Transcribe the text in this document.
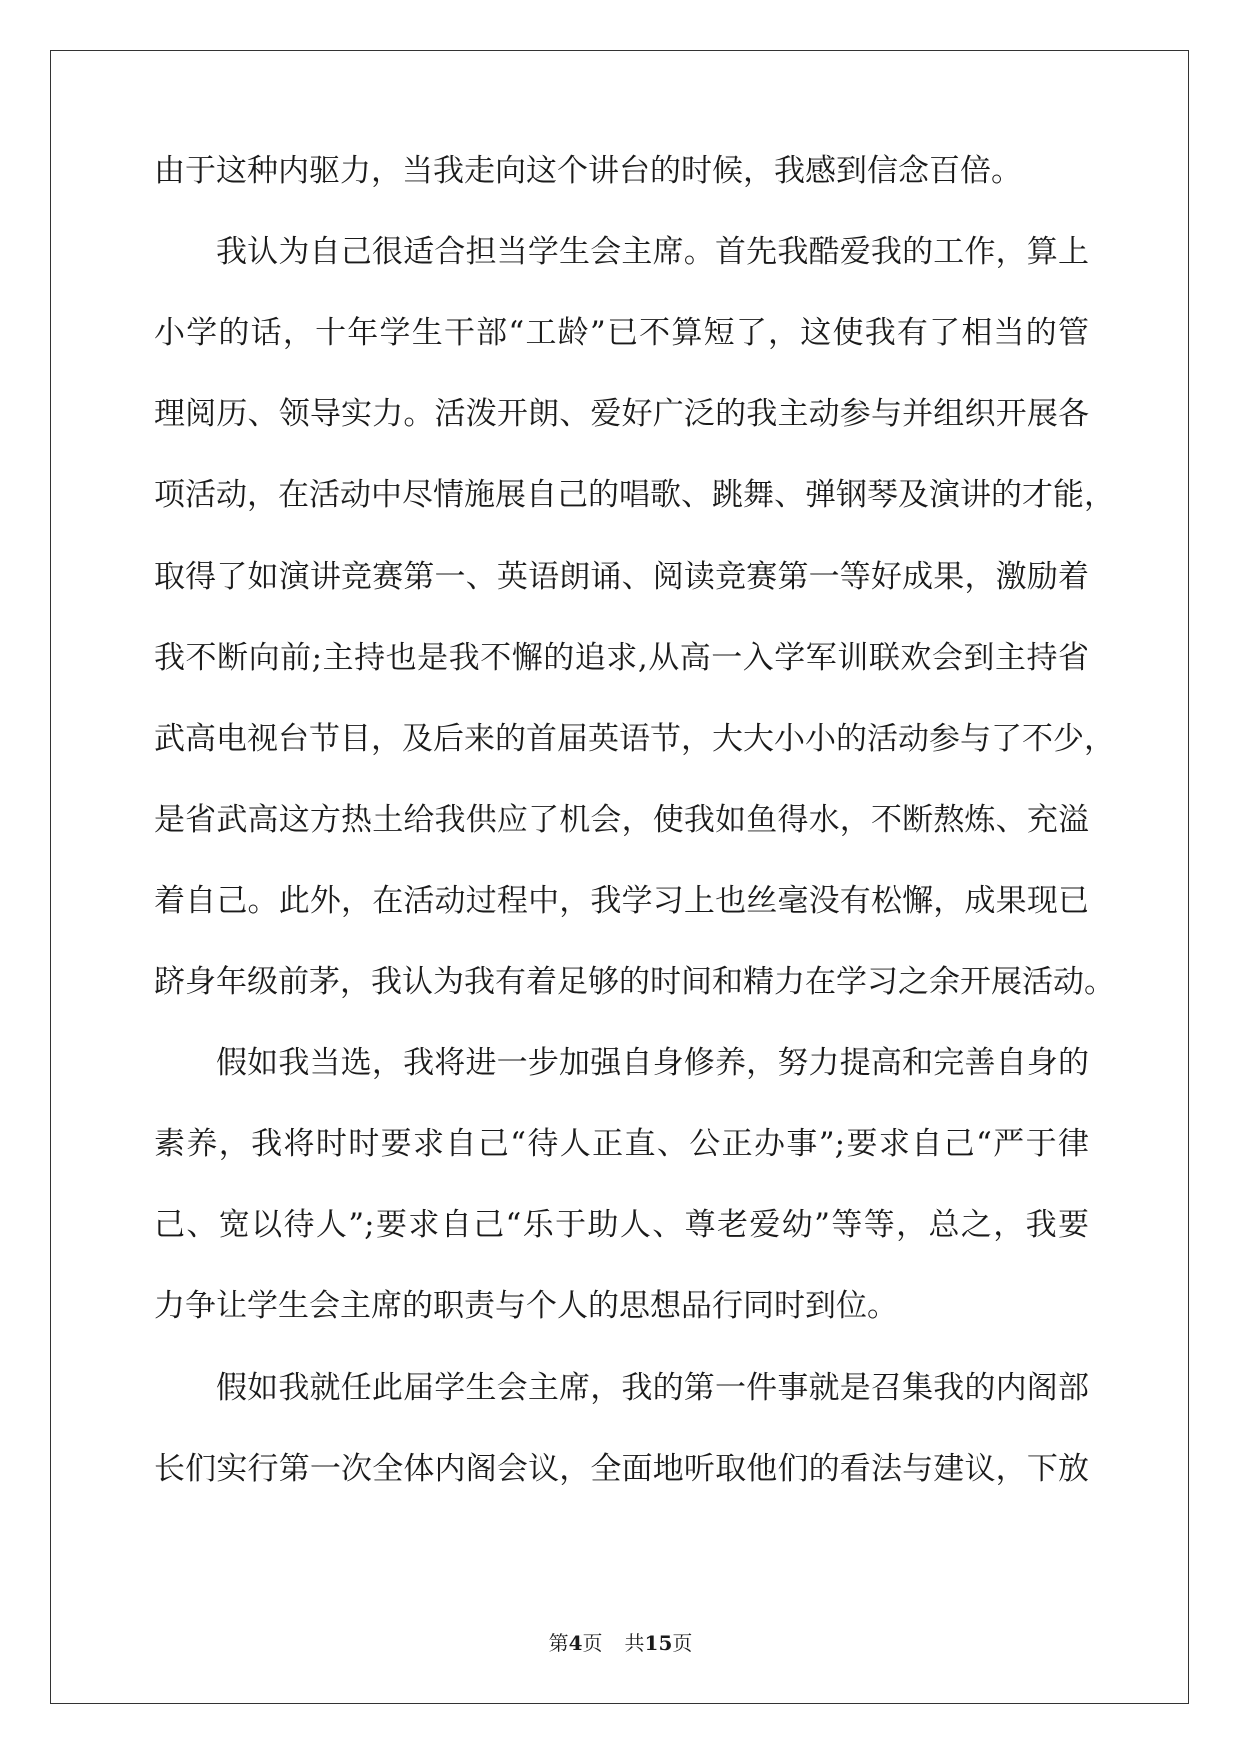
由于这种内驱力，当我走向这个讲台的时候，我感到信念百倍。
我认为自己很适合担当学生会主席。首先我酷爱我的工作，算上
小学的话，十年学生干部“工龄”已不算短了，这使我有了相当的管
理阅历、领导实力。活泼开朗、爱好广泛的我主动参与并组织开展各
项活动，在活动中尽情施展自己的唱歌、跳舞、弹钢琴及演讲的才能，
取得了如演讲竞赛第一、英语朗诵、阅读竞赛第一等好成果，激励着
我不断向前;主持也是我不懈的追求,从高一入学军训联欢会到主持省
武高电视台节目，及后来的首届英语节，大大小小的活动参与了不少，
是省武高这方热土给我供应了机会，使我如鱼得水，不断熬炼、充溢
着自己。此外，在活动过程中，我学习上也丝毫没有松懈，成果现已
跻身年级前茅，我认为我有着足够的时间和精力在学习之余开展活动。
假如我当选，我将进一步加强自身修养，努力提高和完善自身的
素养，我将时时要求自己“待人正直、公正办事”;要求自己“严于律
己、宽以待人”;要求自己“乐于助人、尊老爱幼”等等，总之，我要
力争让学生会主席的职责与个人的思想品行同时到位。
假如我就任此届学生会主席，我的第一件事就是召集我的内阁部
长们实行第一次全体内阁会议，全面地听取他们的看法与建议，下放
第4页 共15页
